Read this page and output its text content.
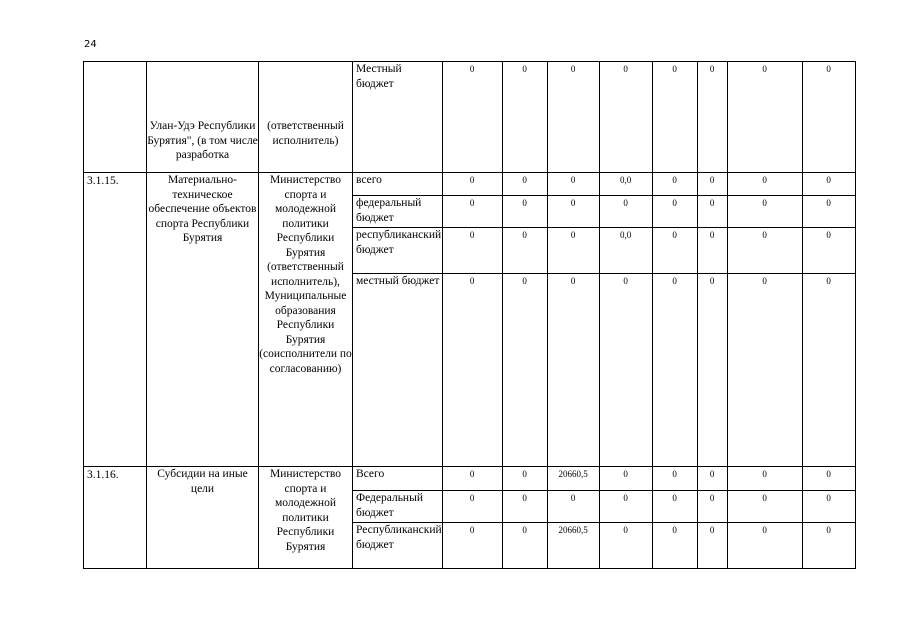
24

	Улан-Удэ Республики Бурятия", (в том числе разработка	(ответственный исполнитель)	Местный бюджет	0	0	0	0	0	0	0	0
3.1.15.	Материально-техническое обеспечение объектов спорта Республики Бурятия	Министерство спорта и молодежной политики Республики Бурятия (ответственный исполнитель), Муниципальные образования Республики Бурятия (соисполнители по согласованию)	всего	0	0	0	0,0	0	0	0	0
			федеральный бюджет	0	0	0	0	0	0	0	0
			республиканский бюджет	0	0	0	0,0	0	0	0	0
			местный бюджет	0	0	0	0	0	0	0	0
3.1.16.	Субсидии на иные цели	Министерство спорта и молодежной политики Республики Бурятия	Всего	0	0	20660,5	0	0	0	0	0
			Федеральный бюджет	0	0	0	0	0	0	0	0
			Республиканский бюджет	0	0	20660,5	0	0	0	0	0
